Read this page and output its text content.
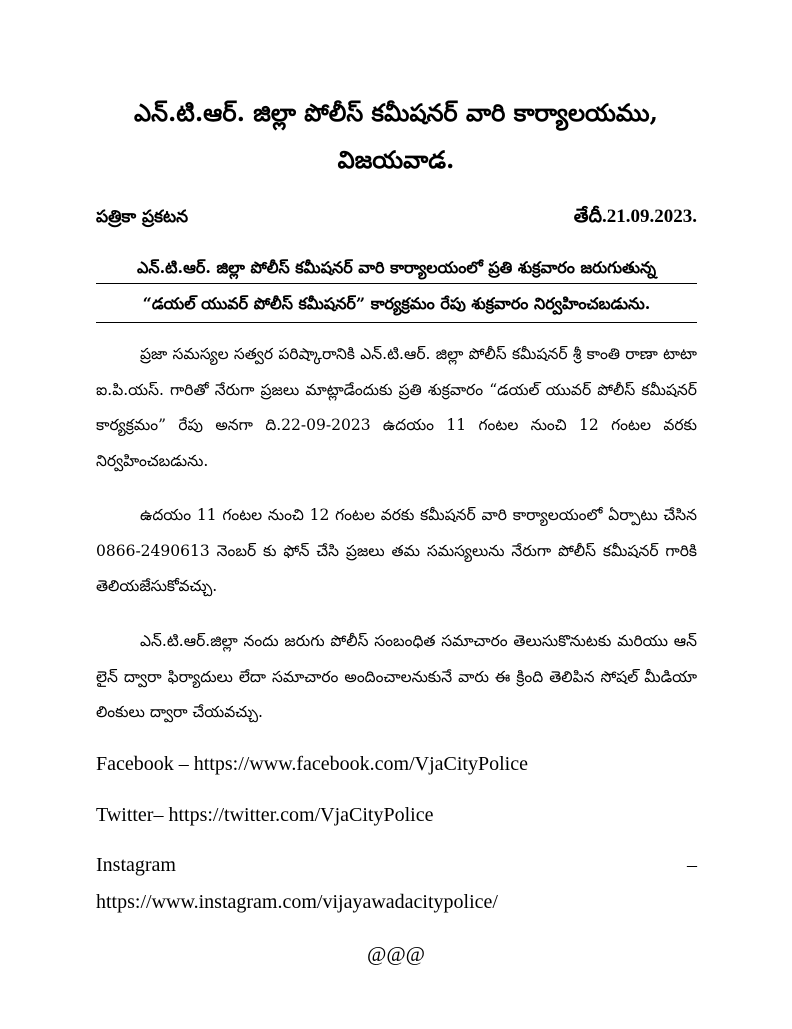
ఎన్.టి.ఆర్. జిల్లా పోలీస్ కమీషనర్ వారి కార్యాలయము,
విజయవాడ.
పత్రికా ప్రకటన	తేదీ.21.09.2023.
ఎన్.టి.ఆర్. జిల్లా పోలీస్ కమీషనర్ వారి కార్యాలయంలో ప్రతి శుక్రవారం జరుగుతున్న
“డయల్ యువర్ పోలీస్ కమీషనర్” కార్యక్రమం రేపు శుక్రవారం నిర్వహించబడును.
ప్రజా సమస్యల సత్వర పరిష్కారానికి ఎన్.టి.ఆర్. జిల్లా పోలీస్ కమీషనర్ శ్రీ కాంతి రాణా టాటా ఐ.పి.యస్. గారితో నేరుగా ప్రజలు మాట్లాడేందుకు ప్రతి శుక్రవారం “డయల్ యువర్ పోలీస్ కమీషనర్ కార్యక్రమం” రేపు అనగా ది.22-09-2023 ఉదయం 11 గంటల నుంచి 12 గంటల వరకు నిర్వహించబడును.
ఉదయం 11 గంటల నుంచి 12 గంటల వరకు కమీషనర్ వారి కార్యాలయంలో ఏర్పాటు చేసిన 0866-2490613 నెంబర్ కు ఫోన్ చేసి ప్రజలు తమ సమస్యలును నేరుగా పోలీస్ కమీషనర్ గారికి తెలియజేసుకోవచ్చు.
ఎన్.టి.ఆర్.జిల్లా నందు జరుగు పోలీస్ సంబంధిత సమాచారం తెలుసుకొనుటకు మరియు ఆన్ లైన్ ద్వారా ఫిర్యాదులు లేదా సమాచారం అందించాలనుకునే వారు ఈ క్రింది తెలిపిన సోషల్ మీడియా లింకులు ద్వారా చేయవచ్చు.
Facebook – https://www.facebook.com/VjaCityPolice
Twitter– https://twitter.com/VjaCityPolice
Instagram	–
https://www.instagram.com/vijayawadacitypolice/
@@@
